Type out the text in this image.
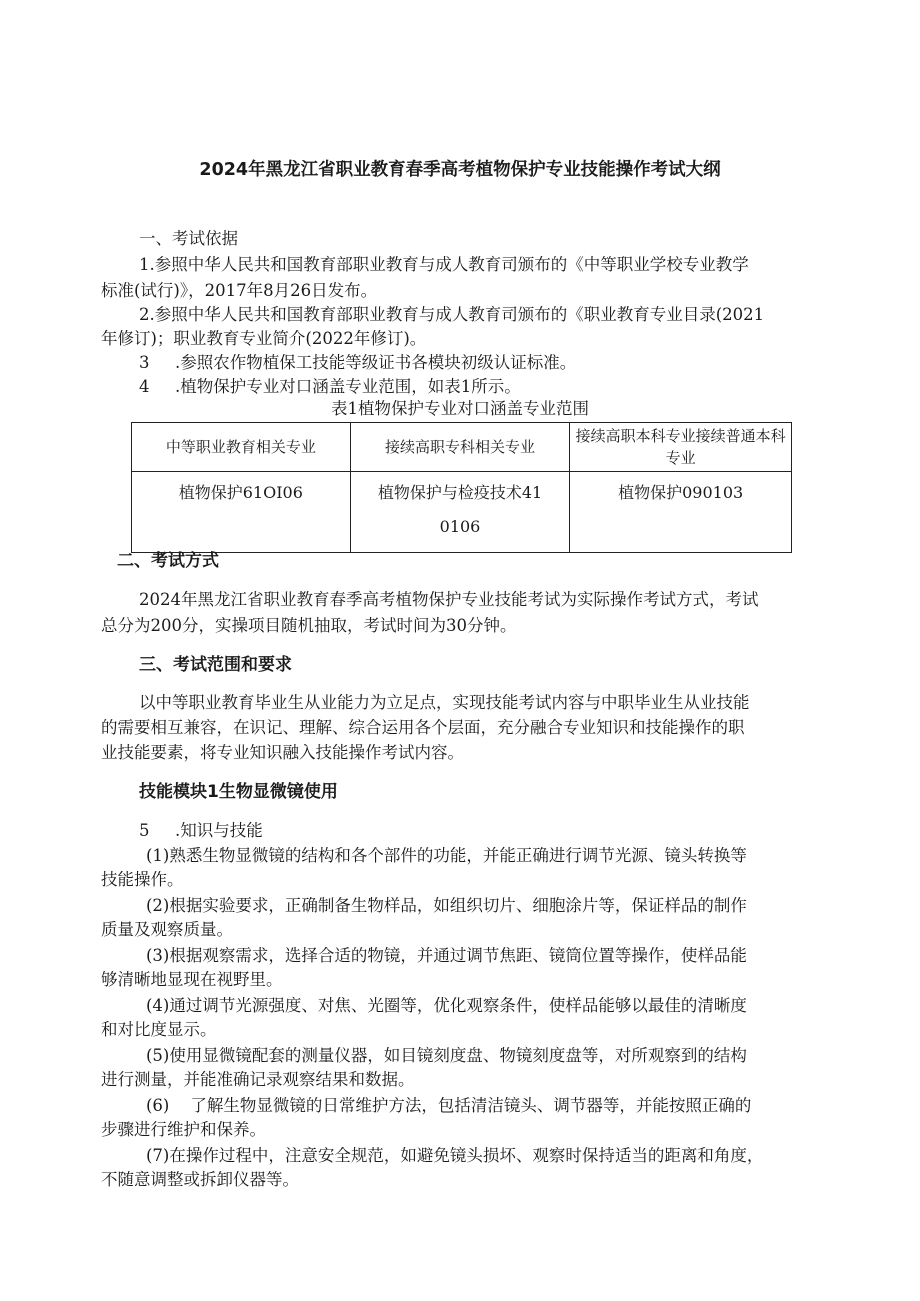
2024年黑龙江省职业教育春季高考植物保护专业技能操作考试大纲
一、考试依据
1.参照中华人民共和国教育部职业教育与成人教育司颁布的《中等职业学校专业教学
标准(试行)》，2017年8月26日发布。
2.参照中华人民共和国教育部职业教育与成人教育司颁布的《职业教育专业目录(2021
年修订)；职业教育专业简介(2022年修订)。
3 .参照农作物植保工技能等级证书各模块初级认证标准。
4 .植物保护专业对口涵盖专业范围，如表1所示。
表1植物保护专业对口涵盖专业范围
中等职业教育相关专业	接续高职专科相关专业	接续高职本科专业接续普通本科专业
植物保护61OI06	植物保护与检疫技术410106	植物保护090103
二、考试方式
2024年黑龙江省职业教育春季高考植物保护专业技能考试为实际操作考试方式，考试
总分为200分，实操项目随机抽取，考试时间为30分钟。
三、考试范围和要求
以中等职业教育毕业生从业能力为立足点，实现技能考试内容与中职毕业生从业技能
的需要相互兼容，在识记、理解、综合运用各个层面，充分融合专业知识和技能操作的职
业技能要素，将专业知识融入技能操作考试内容。
技能模块1生物显微镜使用
5 .知识与技能
(1)熟悉生物显微镜的结构和各个部件的功能，并能正确进行调节光源、镜头转换等
技能操作。
(2)根据实验要求，正确制备生物样品，如组织切片、细胞涂片等，保证样品的制作
质量及观察质量。
(3)根据观察需求，选择合适的物镜，并通过调节焦距、镜筒位置等操作，使样品能
够清晰地显现在视野里。
(4)通过调节光源强度、对焦、光圈等，优化观察条件，使样品能够以最佳的清晰度
和对比度显示。
(5)使用显微镜配套的测量仪器，如目镜刻度盘、物镜刻度盘等，对所观察到的结构
进行测量，并能准确记录观察结果和数据。
(6)    了解生物显微镜的日常维护方法，包括清洁镜头、调节器等，并能按照正确的
步骤进行维护和保养。
(7)在操作过程中，注意安全规范，如避免镜头损坏、观察时保持适当的距离和角度，
不随意调整或拆卸仪器等。
